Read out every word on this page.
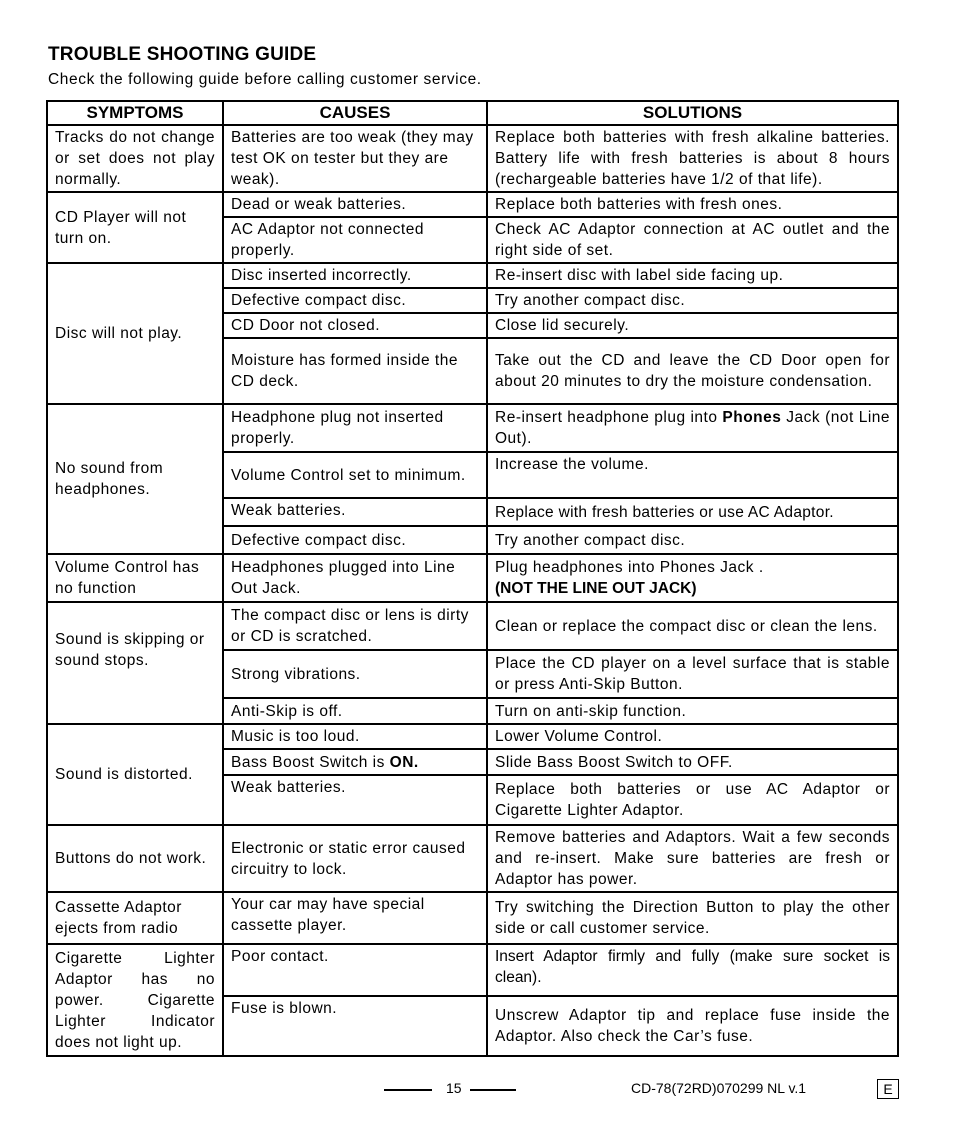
TROUBLE SHOOTING GUIDE
Check the following guide before calling customer service.
SYMPTOMS	CAUSES	SOLUTIONS
Tracks do not change or set does not play normally.	Batteries are too weak (they may test OK on tester but they are weak).	Replace both batteries with fresh alkaline batteries. Battery life with fresh batteries is about 8 hours (rechargeable batteries have 1/2 of that life).
CD Player will not turn on.	Dead or weak batteries.	Replace both batteries with fresh ones.
	AC Adaptor not connected properly.	Check AC Adaptor connection at AC outlet and the right side of set.
Disc will not play.	Disc inserted incorrectly.	Re-insert disc with label side facing up.
	Defective compact disc.	Try another compact disc.
	CD Door not closed.	Close lid securely.
	Moisture has formed inside the CD deck.	Take out the CD and leave the CD Door open for about 20 minutes to dry the moisture condensation.
No sound from headphones.	Headphone plug not inserted properly.	Re-insert headphone plug into Phones Jack (not Line Out).
	Volume Control set to minimum.	Increase the volume.
	Weak batteries.	Replace with fresh batteries or use AC Adaptor.
	Defective compact disc.	Try another compact disc.
Volume Control has no function	Headphones plugged into Line Out Jack.	Plug headphones into Phones Jack .
(NOT THE LINE OUT JACK)
Sound is skipping or sound stops.	The compact disc or lens is dirty or CD is scratched.	Clean or replace the compact disc or clean the lens.
	Strong vibrations.	Place the CD player on a level surface that is stable or press Anti-Skip Button.
	Anti-Skip is off.	Turn on anti-skip function.
Sound is distorted.	Music is too loud.	Lower Volume Control.
	Bass Boost Switch is ON.	Slide Bass Boost Switch to OFF.
	Weak batteries.	Replace both batteries or use AC Adaptor or Cigarette Lighter Adaptor.
Buttons do not work.	Electronic or static error caused circuitry to lock.	Remove batteries and Adaptors. Wait a few seconds and re-insert. Make sure batteries are fresh or Adaptor has power.
Cassette Adaptor ejects from radio	Your car may have special cassette player.	Try switching the Direction Button to play the other side or call customer service.
Cigarette Lighter Adaptor has no power. Cigarette Lighter Indicator does not light up.	Poor contact.	Insert Adaptor firmly and fully (make sure socket is clean).
	Fuse is blown.	Unscrew Adaptor tip and replace fuse inside the Adaptor. Also check the Car’s fuse.
15	CD-78(72RD)070299 NL v.1	E
